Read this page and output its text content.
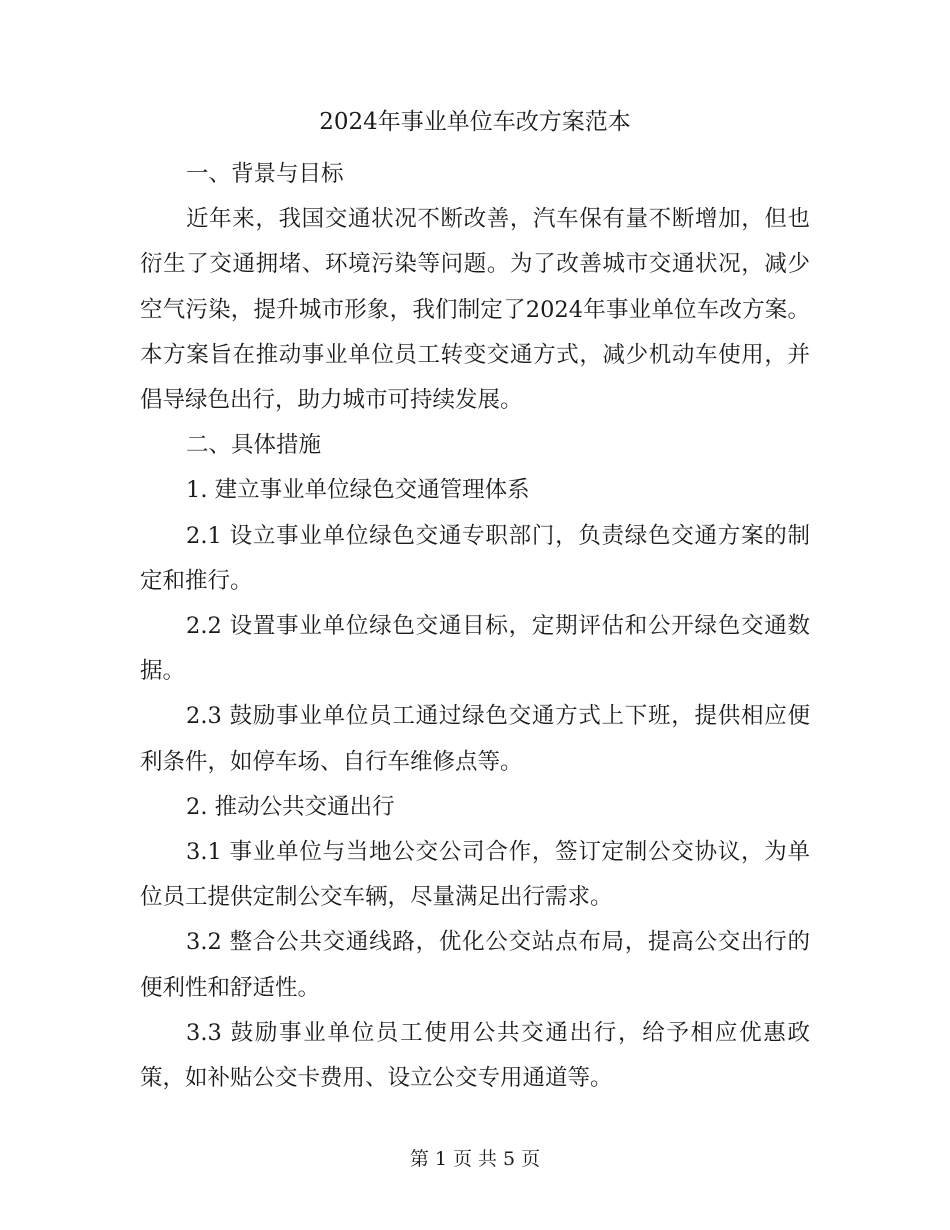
2024年事业单位车改方案范本

一、背景与目标

近年来，我国交通状况不断改善，汽车保有量不断增加，但也衍生了交通拥堵、环境污染等问题。为了改善城市交通状况，减少空气污染，提升城市形象，我们制定了2024年事业单位车改方案。本方案旨在推动事业单位员工转变交通方式，减少机动车使用，并倡导绿色出行，助力城市可持续发展。

二、具体措施

1. 建立事业单位绿色交通管理体系

2.1 设立事业单位绿色交通专职部门，负责绿色交通方案的制定和推行。

2.2 设置事业单位绿色交通目标，定期评估和公开绿色交通数据。

2.3 鼓励事业单位员工通过绿色交通方式上下班，提供相应便利条件，如停车场、自行车维修点等。

2. 推动公共交通出行

3.1 事业单位与当地公交公司合作，签订定制公交协议，为单位员工提供定制公交车辆，尽量满足出行需求。

3.2 整合公共交通线路，优化公交站点布局，提高公交出行的便利性和舒适性。

3.3 鼓励事业单位员工使用公共交通出行，给予相应优惠政策，如补贴公交卡费用、设立公交专用通道等。

第 1 页 共 5 页
